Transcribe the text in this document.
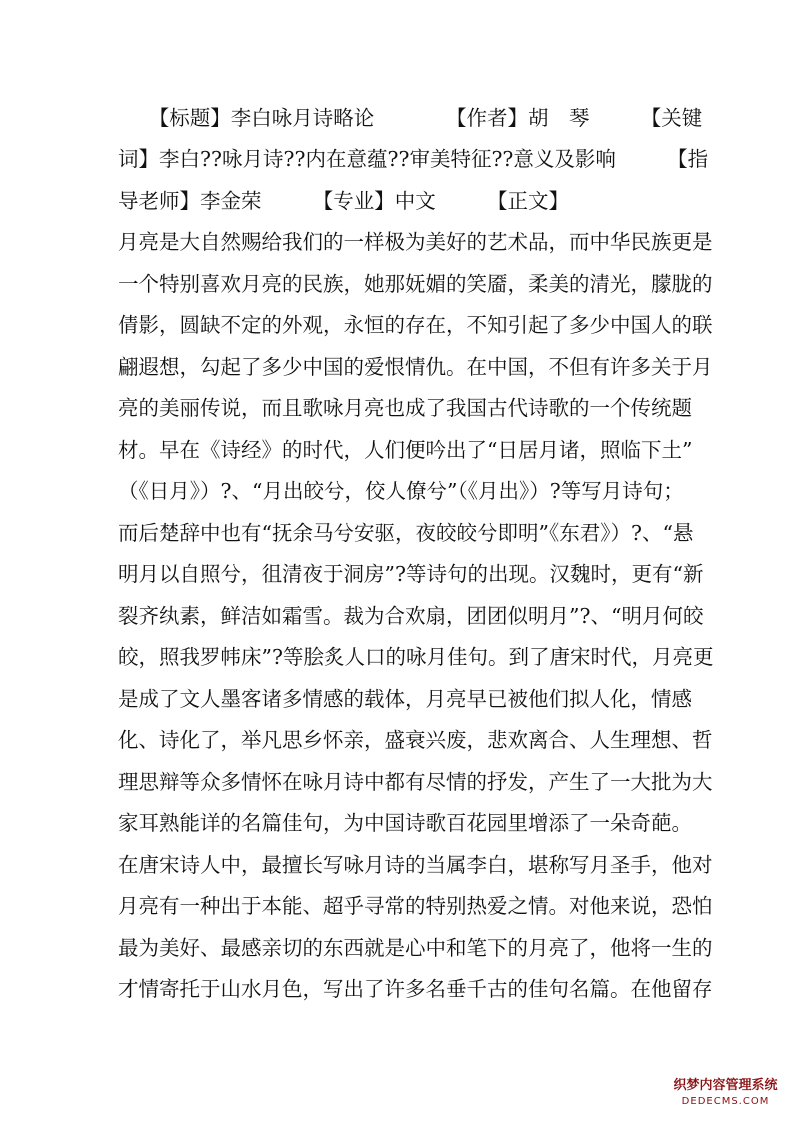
　　【标题】李白咏月诗略论　　　　【作者】胡　琴　　　【关键
词】李白??咏月诗??内在意蕴??审美特征??意义及影响　　　【指
导老师】李金荣　　　【专业】中文　　　【正文】
月亮是大自然赐给我们的一样极为美好的艺术品，而中华民族更是
一个特别喜欢月亮的民族，她那妩媚的笑靥，柔美的清光，朦胧的
倩影，圆缺不定的外观，永恒的存在，不知引起了多少中国人的联
翩遐想，勾起了多少中国的爱恨情仇。在中国，不但有许多关于月
亮的美丽传说，而且歌咏月亮也成了我国古代诗歌的一个传统题
材。早在《诗经》的时代，人们便吟出了“日居月诸，照临下土”
（《日月》）?、“月出皎兮，佼人僚兮”（《月出》）?等写月诗句；
而后楚辞中也有“抚余马兮安驱，夜皎皎兮即明”《东君》）?、“悬
明月以自照兮，徂清夜于洞房”?等诗句的出现。汉魏时，更有“新
裂齐纨素，鲜洁如霜雪。裁为合欢扇，团团似明月”?、“明月何皎
皎，照我罗帏床”?等脍炙人口的咏月佳句。到了唐宋时代，月亮更
是成了文人墨客诸多情感的载体，月亮早已被他们拟人化，情感
化、诗化了，举凡思乡怀亲，盛衰兴废，悲欢离合、人生理想、哲
理思辩等众多情怀在咏月诗中都有尽情的抒发，产生了一大批为大
家耳熟能详的名篇佳句，为中国诗歌百花园里增添了一朵奇葩。
在唐宋诗人中，最擅长写咏月诗的当属李白，堪称写月圣手，他对
月亮有一种出于本能、超乎寻常的特别热爱之情。对他来说，恐怕
最为美好、最感亲切的东西就是心中和笔下的月亮了，他将一生的
才情寄托于山水月色，写出了许多名垂千古的佳句名篇。在他留存
织梦内容管理系统
DEDECMS.COM
